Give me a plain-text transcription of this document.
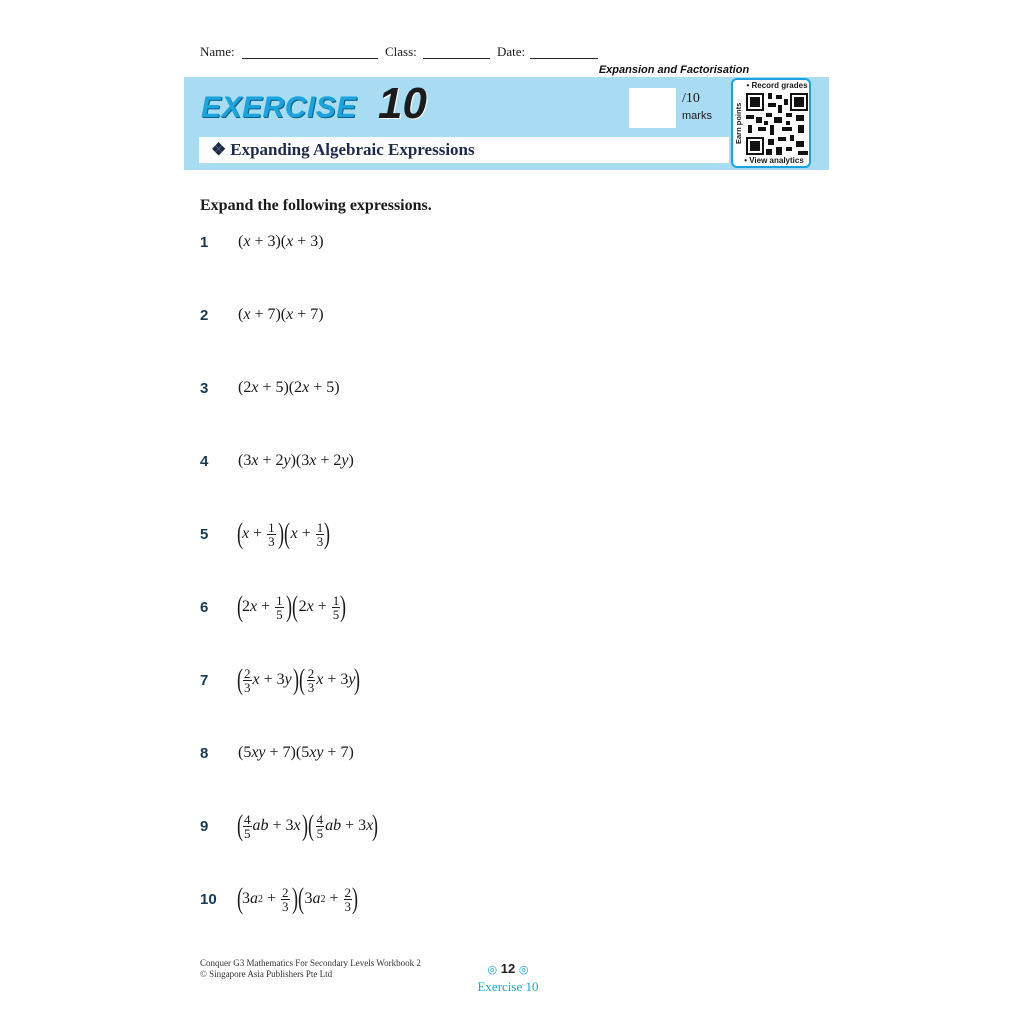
Name:	Class:	Date:
Expansion and Factorisation
EXERCISE 10	/10
marks
❖ Expanding Algebraic Expressions
• Record grades
Earn points
• View analytics
Expand the following expressions.
1	( x + 3)( x + 3)
2	( x + 7)( x + 7)
3	(2 x + 5)(2 x + 5)
4	(3 x + 2 y )(3 x + 2 y )
5 ( $x + \frac{1}{3}$ )( $x + \frac{1}{3}$ )
6 ( 2 $x + \frac{1}{5}$ )( 2 $x + \frac{1}{5}$ )
7 ( $\frac{2}{3}$ x + 3 y )( $\frac{2}{3}$ x + 3 y )
8	(5 xy + 7)(5 xy + 7)
9 ( $\frac{4}{5}$ ab + 3 x )( $\frac{4}{5}$ ab + 3 x )
10 ( 3 a $2 + \frac{2}{3}$ )( 3 a $2 + \frac{2}{3}$ )
Conquer G3 Mathematics For Secondary Levels Workbook 2
© Singapore Asia Publishers Pte Ltd	◎ 12 ◎
Exercise 10
